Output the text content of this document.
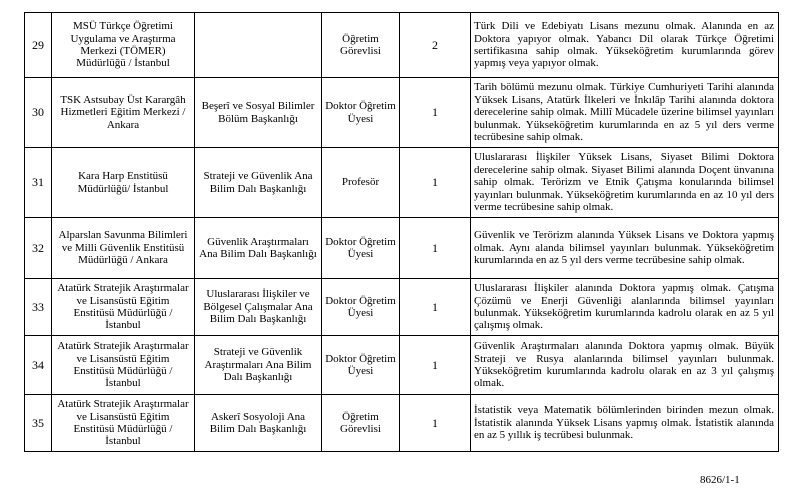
29	MSÜ Türkçe Öğretimi Uygulama ve Araştırma Merkezi (TÖMER) Müdürlüğü / İstanbul		Öğretim Görevlisi	2	Türk Dili ve Edebiyatı Lisans mezunu olmak. Alanında en az Doktora yapıyor olmak. Yabancı Dil olarak Türkçe Öğretimi sertifikasına sahip olmak. Yükseköğretim kurumlarında görev yapmış veya yapıyor olmak.
30	TSK Astsubay Üst Karargâh Hizmetleri Eğitim Merkezi / Ankara	Beşerî ve Sosyal Bilimler Bölüm Başkanlığı	Doktor Öğretim Üyesi	1	Tarih bölümü mezunu olmak. Türkiye Cumhuriyeti Tarihi alanında Yüksek Lisans, Atatürk İlkeleri ve İnkılâp Tarihi alanında doktora derecelerine sahip olmak. Millî Mücadele üzerine bilimsel yayınları bulunmak. Yükseköğretim kurumlarında en az 5 yıl ders verme tecrübesine sahip olmak.
31	Kara Harp Enstitüsü Müdürlüğü/ İstanbul	Strateji ve Güvenlik Ana Bilim Dalı Başkanlığı	Profesör	1	Uluslararası İlişkiler Yüksek Lisans, Siyaset Bilimi Doktora derecelerine sahip olmak. Siyaset Bilimi alanında Doçent ünvanına sahip olmak. Terörizm ve Etnik Çatışma konularında bilimsel yayınları bulunmak. Yükseköğretim kurumlarında en az 10 yıl ders verme tecrübesine sahip olmak.
32	Alparslan Savunma Bilimleri ve Milli Güvenlik Enstitüsü Müdürlüğü / Ankara	Güvenlik Araştırmaları Ana Bilim Dalı Başkanlığı	Doktor Öğretim Üyesi	1	Güvenlik ve Terörizm alanında Yüksek Lisans ve Doktora yapmış olmak. Aynı alanda bilimsel yayınları bulunmak. Yükseköğretim kurumlarında en az 5 yıl ders verme tecrübesine sahip olmak.
33	Atatürk Stratejik Araştırmalar ve Lisansüstü Eğitim Enstitüsü Müdürlüğü / İstanbul	Uluslararası İlişkiler ve Bölgesel Çalışmalar Ana Bilim Dalı Başkanlığı	Doktor Öğretim Üyesi	1	Uluslararası İlişkiler alanında Doktora yapmış olmak. Çatışma Çözümü ve Enerji Güvenliği alanlarında bilimsel yayınları bulunmak. Yükseköğretim kurumlarında kadrolu olarak en az 5 yıl çalışmış olmak.
34	Atatürk Stratejik Araştırmalar ve Lisansüstü Eğitim Enstitüsü Müdürlüğü / İstanbul	Strateji ve Güvenlik Araştırmaları Ana Bilim Dalı Başkanlığı	Doktor Öğretim Üyesi	1	Güvenlik Araştırmaları alanında Doktora yapmış olmak. Büyük Strateji ve Rusya alanlarında bilimsel yayınları bulunmak. Yükseköğretim kurumlarında kadrolu olarak en az 3 yıl çalışmış olmak.
35	Atatürk Stratejik Araştırmalar ve Lisansüstü Eğitim Enstitüsü Müdürlüğü / İstanbul	Askerî Sosyoloji Ana Bilim Dalı Başkanlığı	Öğretim Görevlisi	1	İstatistik veya Matematik bölümlerinden birinden mezun olmak. İstatistik alanında Yüksek Lisans yapmış olmak. İstatistik alanında en az 5 yıllık iş tecrübesi bulunmak.
8626/1-1
